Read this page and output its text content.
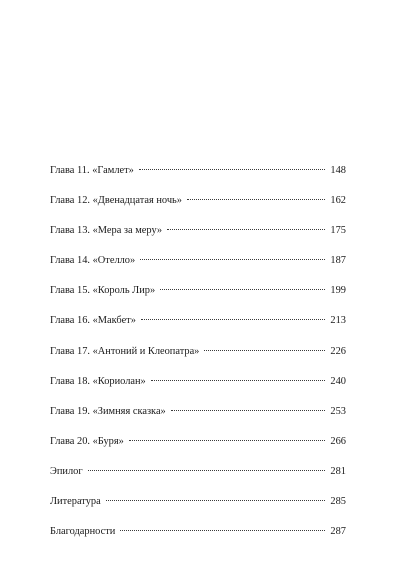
Глава 11. «Гамлет»	148
Глава 12. «Двенадцатая ночь»	162
Глава 13. «Мера за меру»	175
Глава 14. «Отелло»	187
Глава 15. «Король Лир»	199
Глава 16. «Макбет»	213
Глава 17. «Антоний и Клеопатра»	226
Глава 18. «Кориолан»	240
Глава 19. «Зимняя сказка»	253
Глава 20. «Буря»	266
Эпилог	281
Литература	285
Благодарности	287
